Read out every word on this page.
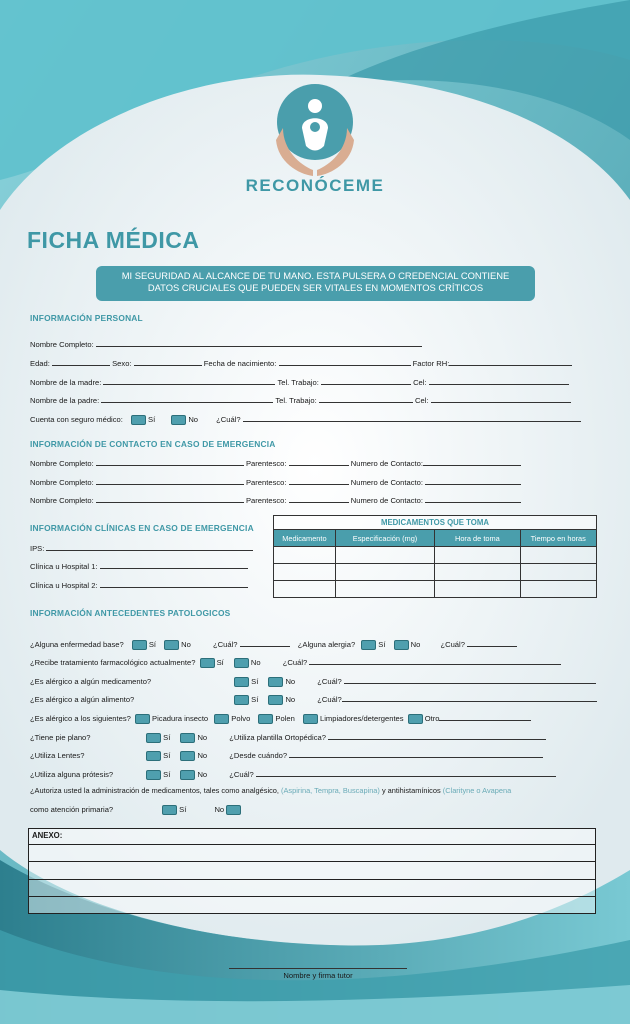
RECONÓCEME
FICHA MÉDICA
MI SEGURIDAD AL ALCANCE DE TU MANO. ESTA PULSERA O CREDENCIAL CONTIENE
DATOS CRUCIALES QUE PUEDEN SER VITALES EN MOMENTOS CRÍTICOS
INFORMACIÓN PERSONAL
Nombre Completo:
Edad:	Sexo:	Fecha de nacimiento:	Factor RH:
Nombre de la madre:	Tel. Trabajo:	Cel:
Nombre de la padre:	Tel. Trabajo:	Cel:
Cuenta con seguro médico:	Sí	No ¿Cuál?
INFORMACIÓN DE CONTACTO EN CASO DE EMERGENCIA
Nombre Completo:	Parentesco:	Numero de Contacto:
Nombre Completo:	Parentesco:	Numero de Contacto:
Nombre Completo:	Parentesco:	Numero de Contacto:
INFORMACIÓN CLÍNICAS EN CASO DE EMERGENCIA
IPS:
Clínica u Hospital 1:
Clínica u Hospital 2:
MEDICAMENTOS QUE TOMA			
Medicamento	Especificación (mg)	Hora de toma	Tiempo en horas

INFORMACIÓN ANTECEDENTES PATOLOGICOS
¿Alguna enfermedad base?	Sí	No	¿Cuál?	¿Alguna alergia?	Sí	No	¿Cuál?
¿Recibe tratamiento farmacológico actualmente?	Sí	No	¿Cuál?
¿Es alérgico a algún medicamento?	Sí	No	¿Cuál?
¿Es alérgico a algún alimento?	Sí	No	¿Cuál?
¿Es alérgico a los siguientes?	Picadura insecto	Polvo	Polen	Limpiadores/detergentes	Otro
¿Tiene pie plano?	Sí	No	¿Utiliza plantilla Ortopédica?
¿Utiliza Lentes?	Sí	No	¿Desde cuándo?
¿Utiliza alguna prótesis?	Sí	No	¿Cuál?
¿Autoriza usted la administración de medicamentos, tales como analgésico, (Aspirina, Tempra, Buscapina) y antihistamínicos (Clarityne o Avapena
como atención primaria?	Sí	No
ANEXO:
Nombre y firma tutor
